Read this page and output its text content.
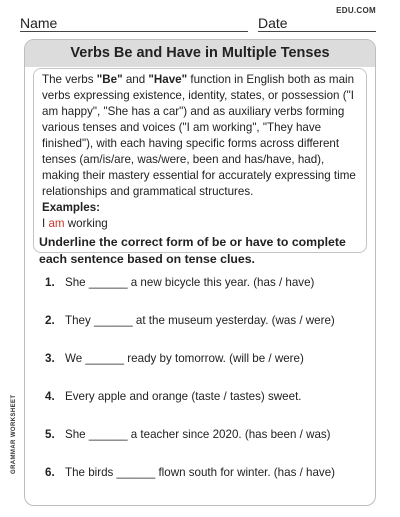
Name	Date
EDU.COM
Verbs Be and Have in Multiple Tenses

The verbs "Be" and "Have" function in English both as main verbs expressing existence, identity, states, or possession ("I am happy", "She has a car") and as auxiliary verbs forming various tenses and voices ("I am working", "They have finished"), with each having specific forms across different tenses (am/is/are, was/were, been and has/have, had), making their mastery essential for accurately expressing time relationships and grammatical structures.

Examples:

I am working

Underline the correct form of be or have to complete each sentence based on tense clues.
1. She ______ a new bicycle this year. (has / have)
2. They ______ at the museum yesterday. (was / were)
3. We ______ ready by tomorrow. (will be / were)
4. Every apple and orange (taste / tastes) sweet.
5. She ______ a teacher since 2020. (has been / was)
6. The birds ______ flown south for winter. (has / have)
GRAMMAR WORKSHEET
